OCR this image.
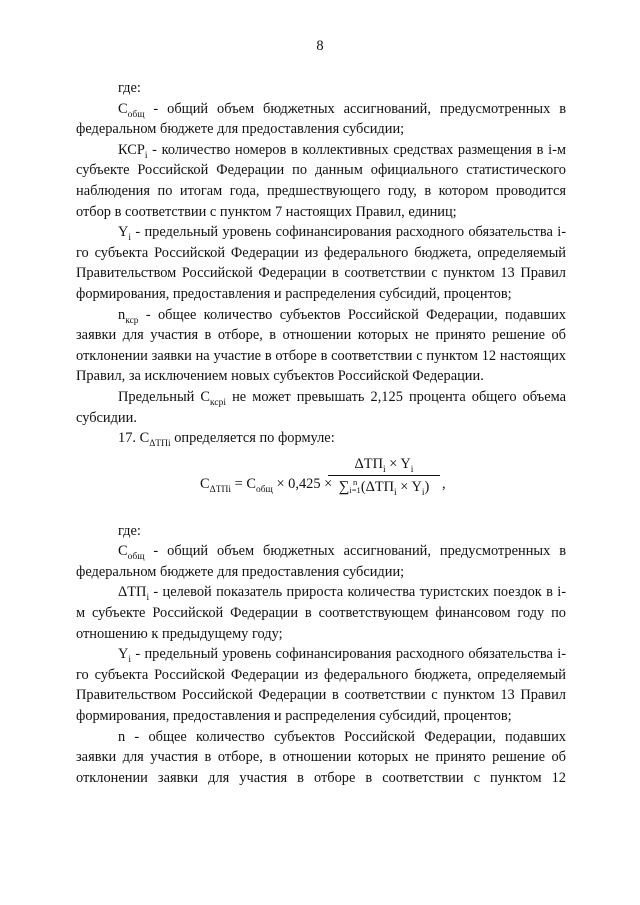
8

где:

$С_{общ}$ - общий объем бюджетных ассигнований, предусмотренных в федеральном бюджете для предоставления субсидии;

$КСР_i$ - количество номеров в коллективных средствах размещения в i-м субъекте Российской Федерации по данным официального статистического наблюдения по итогам года, предшествующего году, в котором проводится отбор в соответствии с пунктом 7 настоящих Правил, единиц;

$Y_i$ - предельный уровень софинансирования расходного обязательства i-го субъекта Российской Федерации из федерального бюджета, определяемый Правительством Российской Федерации в соответствии с пунктом 13 Правил формирования, предоставления и распределения субсидий, процентов;

$n_{ксp}$ - общее количество субъектов Российской Федерации, подавших заявки для участия в отборе, в отношении которых не принято решение об отклонении заявки на участие в отборе в соответствии с пунктом 12 настоящих Правил, за исключением новых субъектов Российской Федерации.

Предельный $С_{ксpi}$ не может превышать 2,125 процента общего объема субсидии.

17. $С_{\Delta ТПi}$ определяется по формуле:

$С_{\Delta ТПi} = С_{общ} \times 0,425$ ×
$\Delta ТП_i \times Y_i$
∑ n
$i=1(\Delta ТП_i \times Y_i)$ ,

где:

$С_{общ}$ - общий объем бюджетных ассигнований, предусмотренных в федеральном бюджете для предоставления субсидии;

$\Delta ТП_i$ - целевой показатель прироста количества туристских поездок в i-м субъекте Российской Федерации в соответствующем финансовом году по отношению к предыдущему году;

$Y_i$ - предельный уровень софинансирования расходного обязательства i-го субъекта Российской Федерации из федерального бюджета, определяемый Правительством Российской Федерации в соответствии с пунктом 13 Правил формирования, предоставления и распределения субсидий, процентов;

n - общее количество субъектов Российской Федерации, подавших заявки для участия в отборе, в отношении которых не принято решение об отклонении заявки для участия в отборе в соответствии с пунктом 12
